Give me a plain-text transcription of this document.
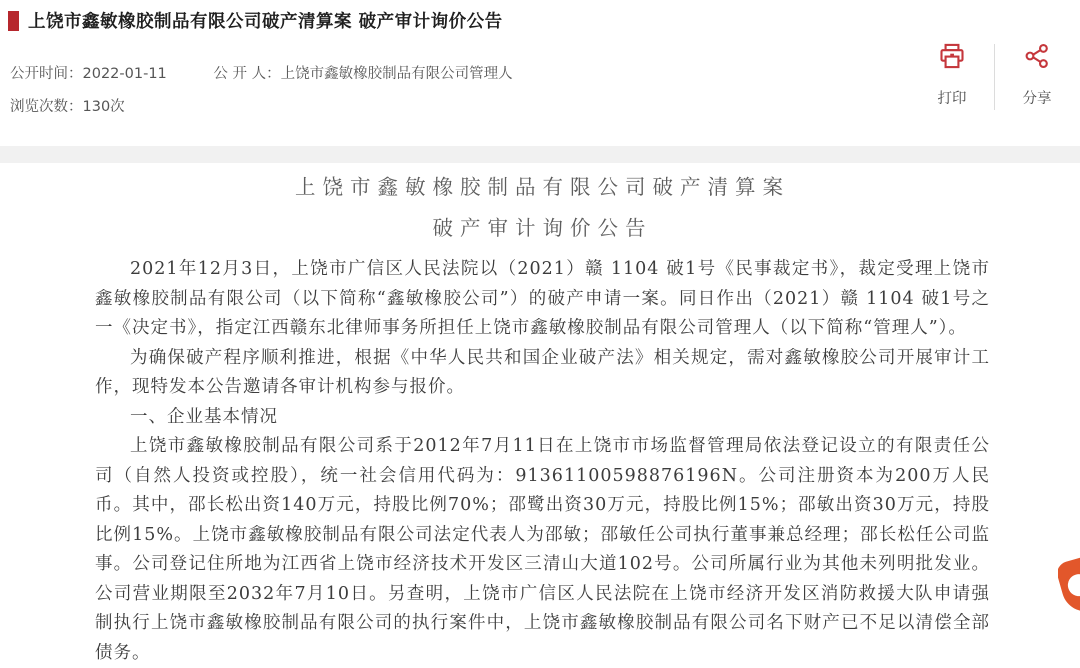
上饶市鑫敏橡胶制品有限公司破产清算案 破产审计询价公告
公开时间：2022-01-11	公 开 人：上饶市鑫敏橡胶制品有限公司管理人
浏览次数：130次	打印	分享
上饶市鑫敏橡胶制品有限公司破产清算案
破产审计询价公告

2021年12月3日，上饶市广信区人民法院以（2021）赣 1104 破1号《民事裁定书》，裁定受理上饶市鑫敏橡胶制品有限公司（以下简称“鑫敏橡胶公司”）的破产申请一案。同日作出（2021）赣 1104 破1号之一《决定书》，指定江西赣东北律师事务所担任上饶市鑫敏橡胶制品有限公司管理人（以下简称“管理人”）。

为确保破产程序顺利推进，根据《中华人民共和国企业破产法》相关规定，需对鑫敏橡胶公司开展审计工作，现特发本公告邀请各审计机构参与报价。

一、企业基本情况

上饶市鑫敏橡胶制品有限公司系于2012年7月11日在上饶市市场监督管理局依法登记设立的有限责任公司（自然人投资或控股），统一社会信用代码为：91361100598876196N。公司注册资本为200万人民币。其中，邵长松出资140万元，持股比例70%；邵鹭出资30万元，持股比例15%；邵敏出资30万元，持股比例15%。上饶市鑫敏橡胶制品有限公司法定代表人为邵敏；邵敏任公司执行董事兼总经理；邵长松任公司监事。公司登记住所地为江西省上饶市经济技术开发区三清山大道102号。公司所属行业为其他未列明批发业。公司营业期限至2032年7月10日。另查明，上饶市广信区人民法院在上饶市经济开发区消防救援大队申请强制执行上饶市鑫敏橡胶制品有限公司的执行案件中，上饶市鑫敏橡胶制品有限公司名下财产已不足以清偿全部债务。
